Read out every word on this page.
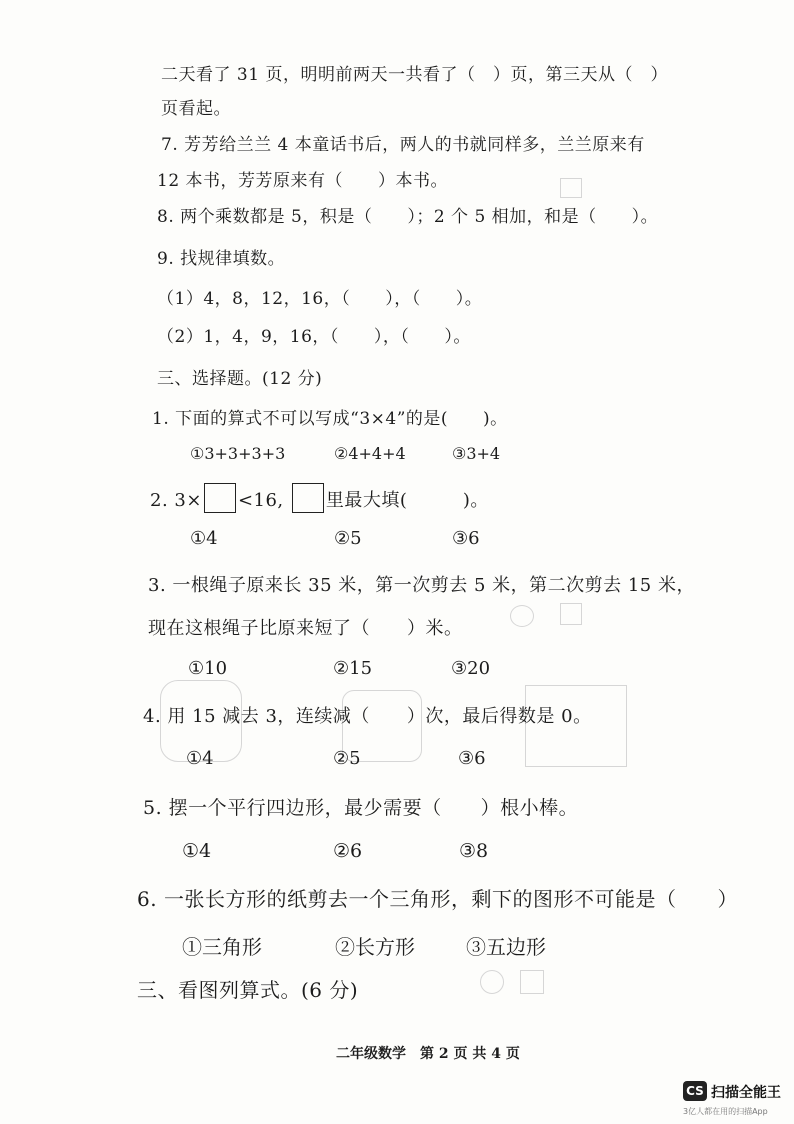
二天看了 31 页，明明前两天一共看了（　）页，第三天从（　）
页看起。
7. 芳芳给兰兰 4 本童话书后，两人的书就同样多，兰兰原来有
12 本书，芳芳原来有（　　）本书。
8. 两个乘数都是 5，积是（　　）；2 个 5 相加，和是（　　）。
9. 找规律填数。
（1）4，8，12，16，（　　），（　　）。
（2）1，4，9，16，（　　），（　　）。
三、选择题。(12 分)
1. 下面的算式不可以写成“3×4”的是(　　)。
①3+3+3+3	②4+4+4	③3+4
2. 3× <16, 里最大填(　　　)。
①4	②5	③6
3. 一根绳子原来长 35 米，第一次剪去 5 米，第二次剪去 15 米，
现在这根绳子比原来短了（　　）米。
①10	②15	③20
4. 用 15 减去 3，连续减（　　）次，最后得数是 0。
①4	②5	③6
5. 摆一个平行四边形，最少需要（　　）根小棒。
①4	②6	③8
6. 一张长方形的纸剪去一个三角形，剩下的图形不可能是（　　）
①三角形	②长方形	③五边形
三、看图列算式。(6 分)
二年级数学　第 2 页 共 4 页
CS 扫描全能王
3亿人都在用的扫描App
